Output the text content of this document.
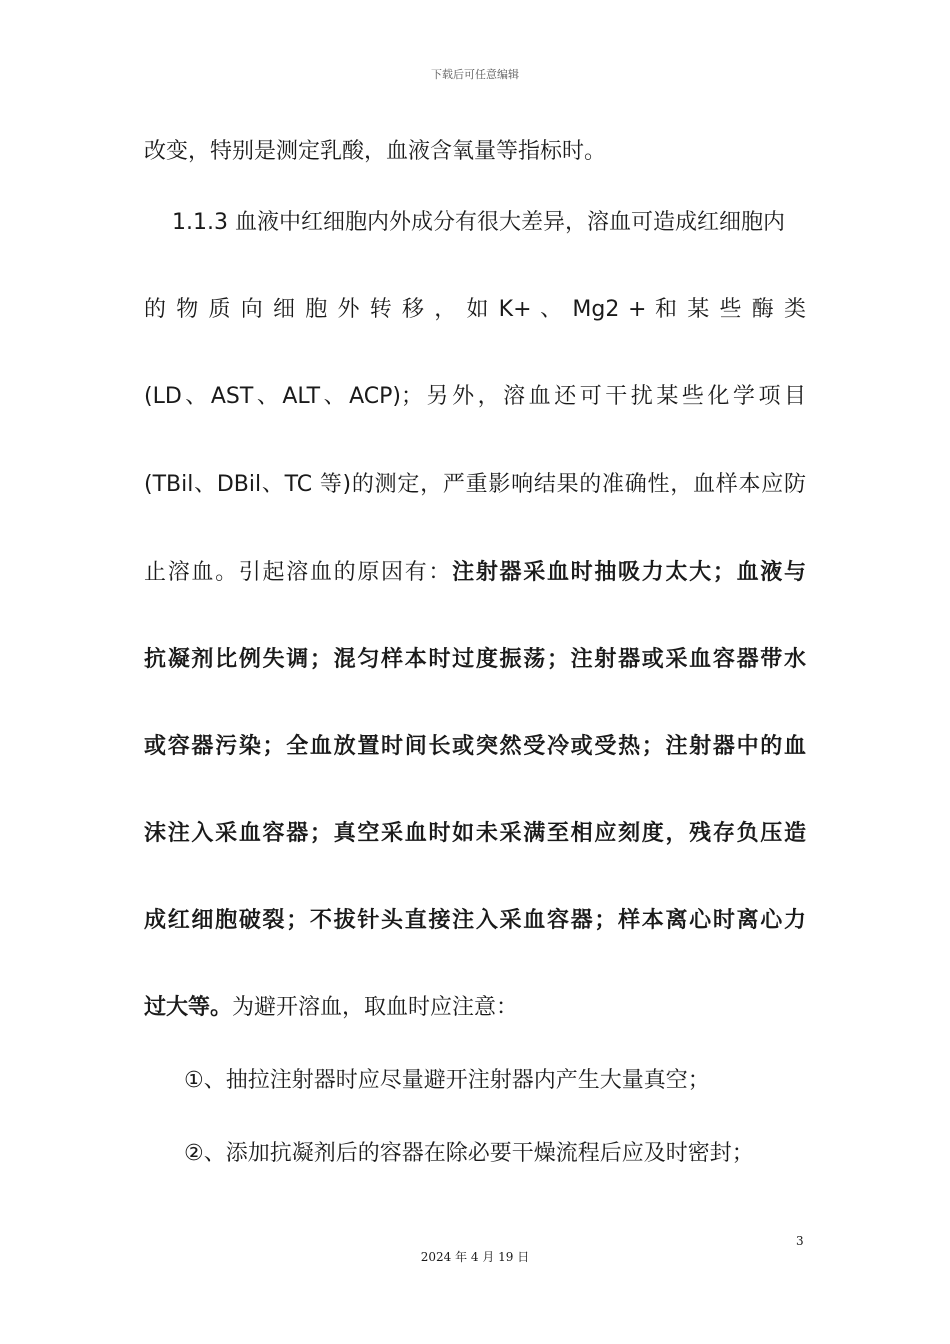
下载后可任意编辑
改变，特别是测定乳酸，血液含氧量等指标时。
1.1.3 血液中红细胞内外成分有很大差异，溶血可造成红细胞内
的 物 质 向 细 胞 外 转 移 ， 如 K+ 、 Mg2 + 和 某 些 酶 类
(LD、AST、ALT、ACP)；另外，溶血还可干扰某些化学项目
(TBil、DBil、TC 等)的测定，严重影响结果的准确性，血样本应防
止溶血。引起溶血的原因有：注射器采血时抽吸力太大；血液与
抗凝剂比例失调；混匀样本时过度振荡；注射器或采血容器带水
或容器污染；全血放置时间长或突然受冷或受热；注射器中的血
沫注入采血容器；真空采血时如未采满至相应刻度，残存负压造
成红细胞破裂；不拔针头直接注入采血容器；样本离心时离心力
过大等。为避开溶血，取血时应注意：
①、抽拉注射器时应尽量避开注射器内产生大量真空；
②、添加抗凝剂后的容器在除必要干燥流程后应及时密封；
3
2024 年 4 月 19 日
